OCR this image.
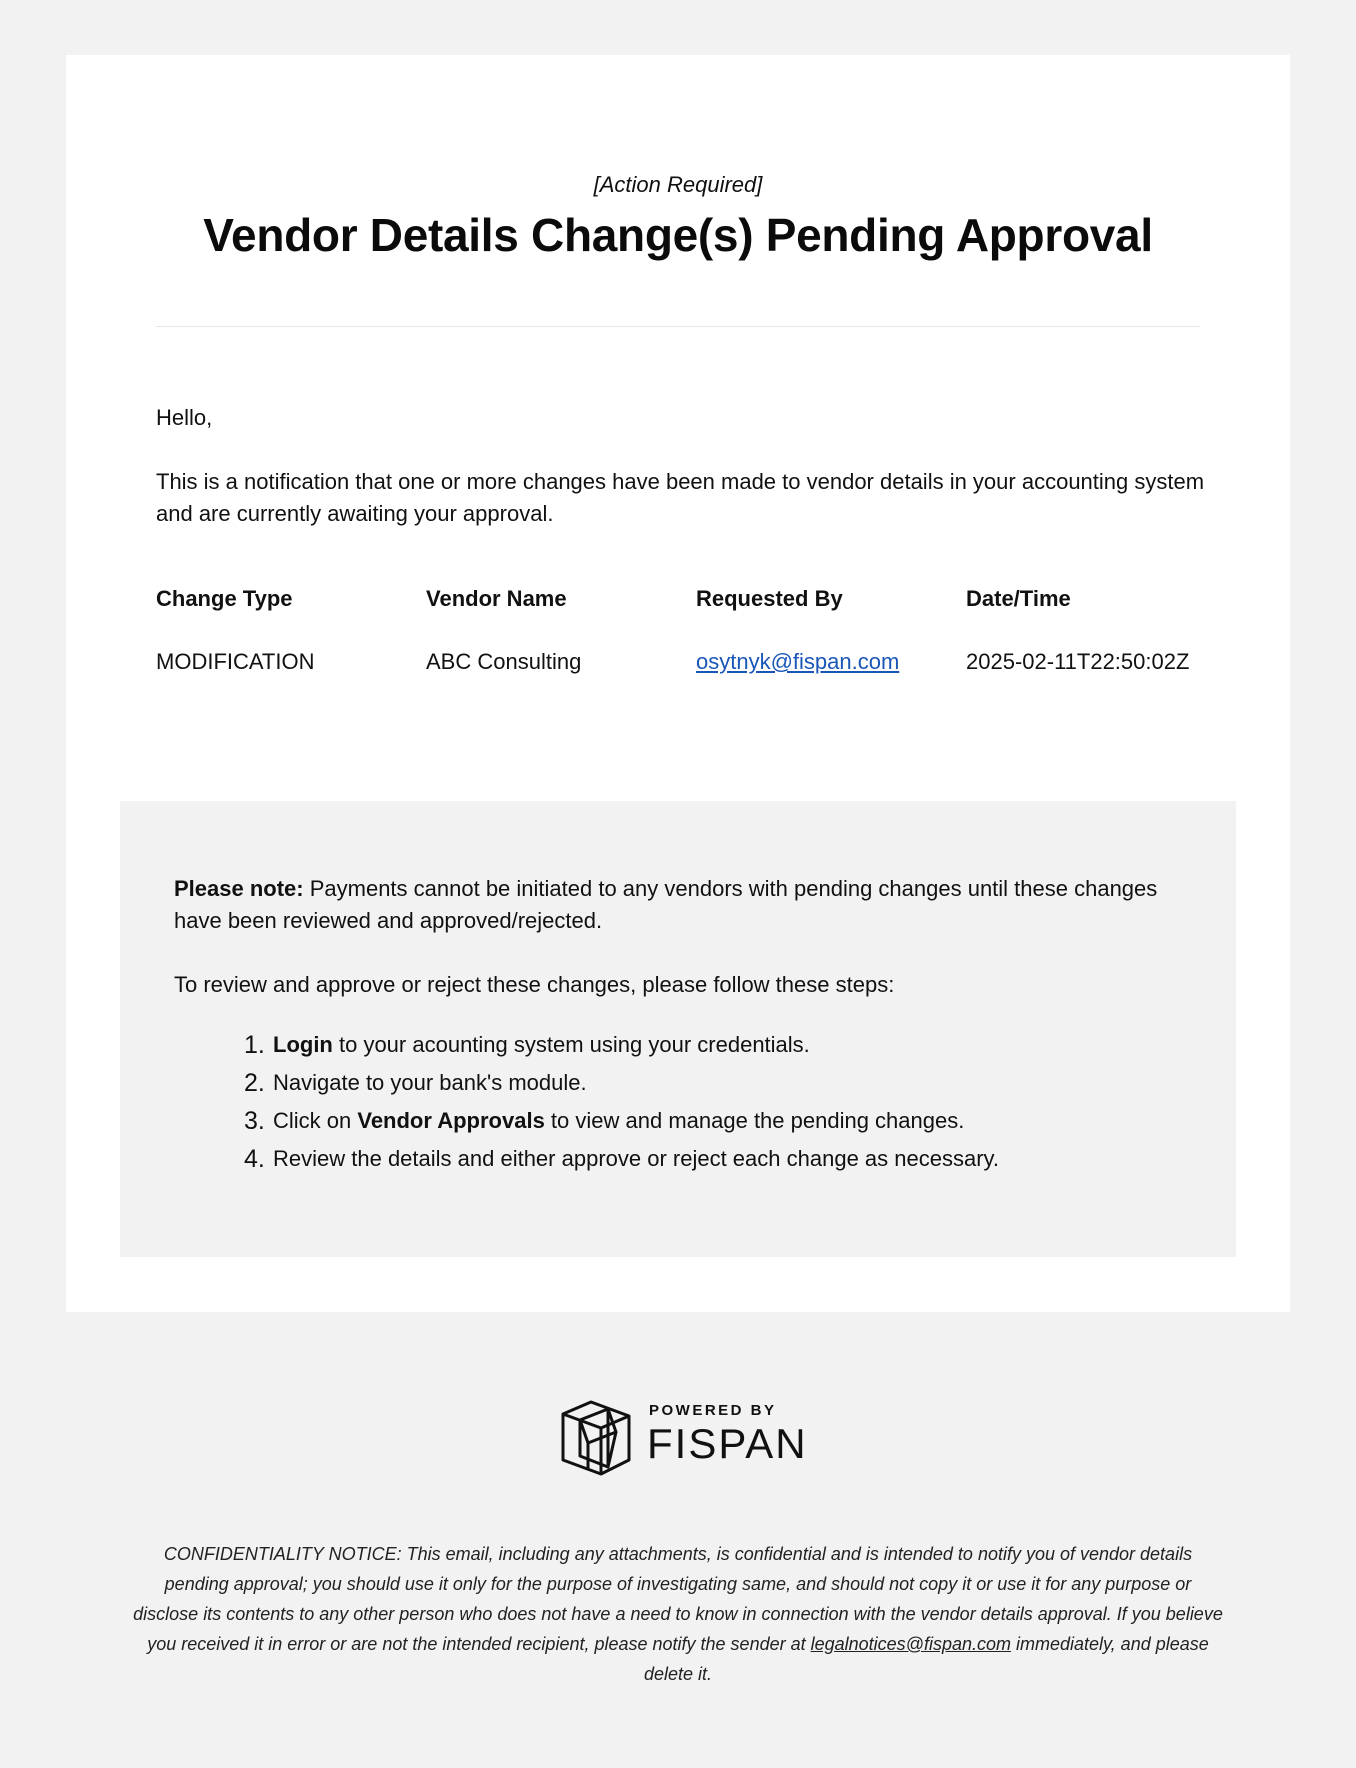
[Action Required]
Vendor Details Change(s) Pending Approval

Hello,

This is a notification that one or more changes have been made to vendor details in your accounting system and are currently awaiting your approval.

Change Type	Vendor Name	Requested By	Date/Time
MODIFICATION	ABC Consulting	osytnyk@fispan.com	2025-02-11T22:50:02Z

Please note: Payments cannot be initiated to any vendors with pending changes until these changes have been reviewed and approved/rejected.

To review and approve or reject these changes, please follow these steps:

1. Login to your acounting system using your credentials.
2. Navigate to your bank's module.
3. Click on Vendor Approvals to view and manage the pending changes.
4. Review the details and either approve or reject each change as necessary.
POWERED BY
FISPAN

CONFIDENTIALITY NOTICE: This email, including any attachments, is confidential and is intended to notify you of vendor details pending approval; you should use it only for the purpose of investigating same, and should not copy it or use it for any purpose or disclose its contents to any other person who does not have a need to know in connection with the vendor details approval. If you believe you received it in error or are not the intended recipient, please notify the sender at legalnotices@fispan.com immediately, and please delete it.
